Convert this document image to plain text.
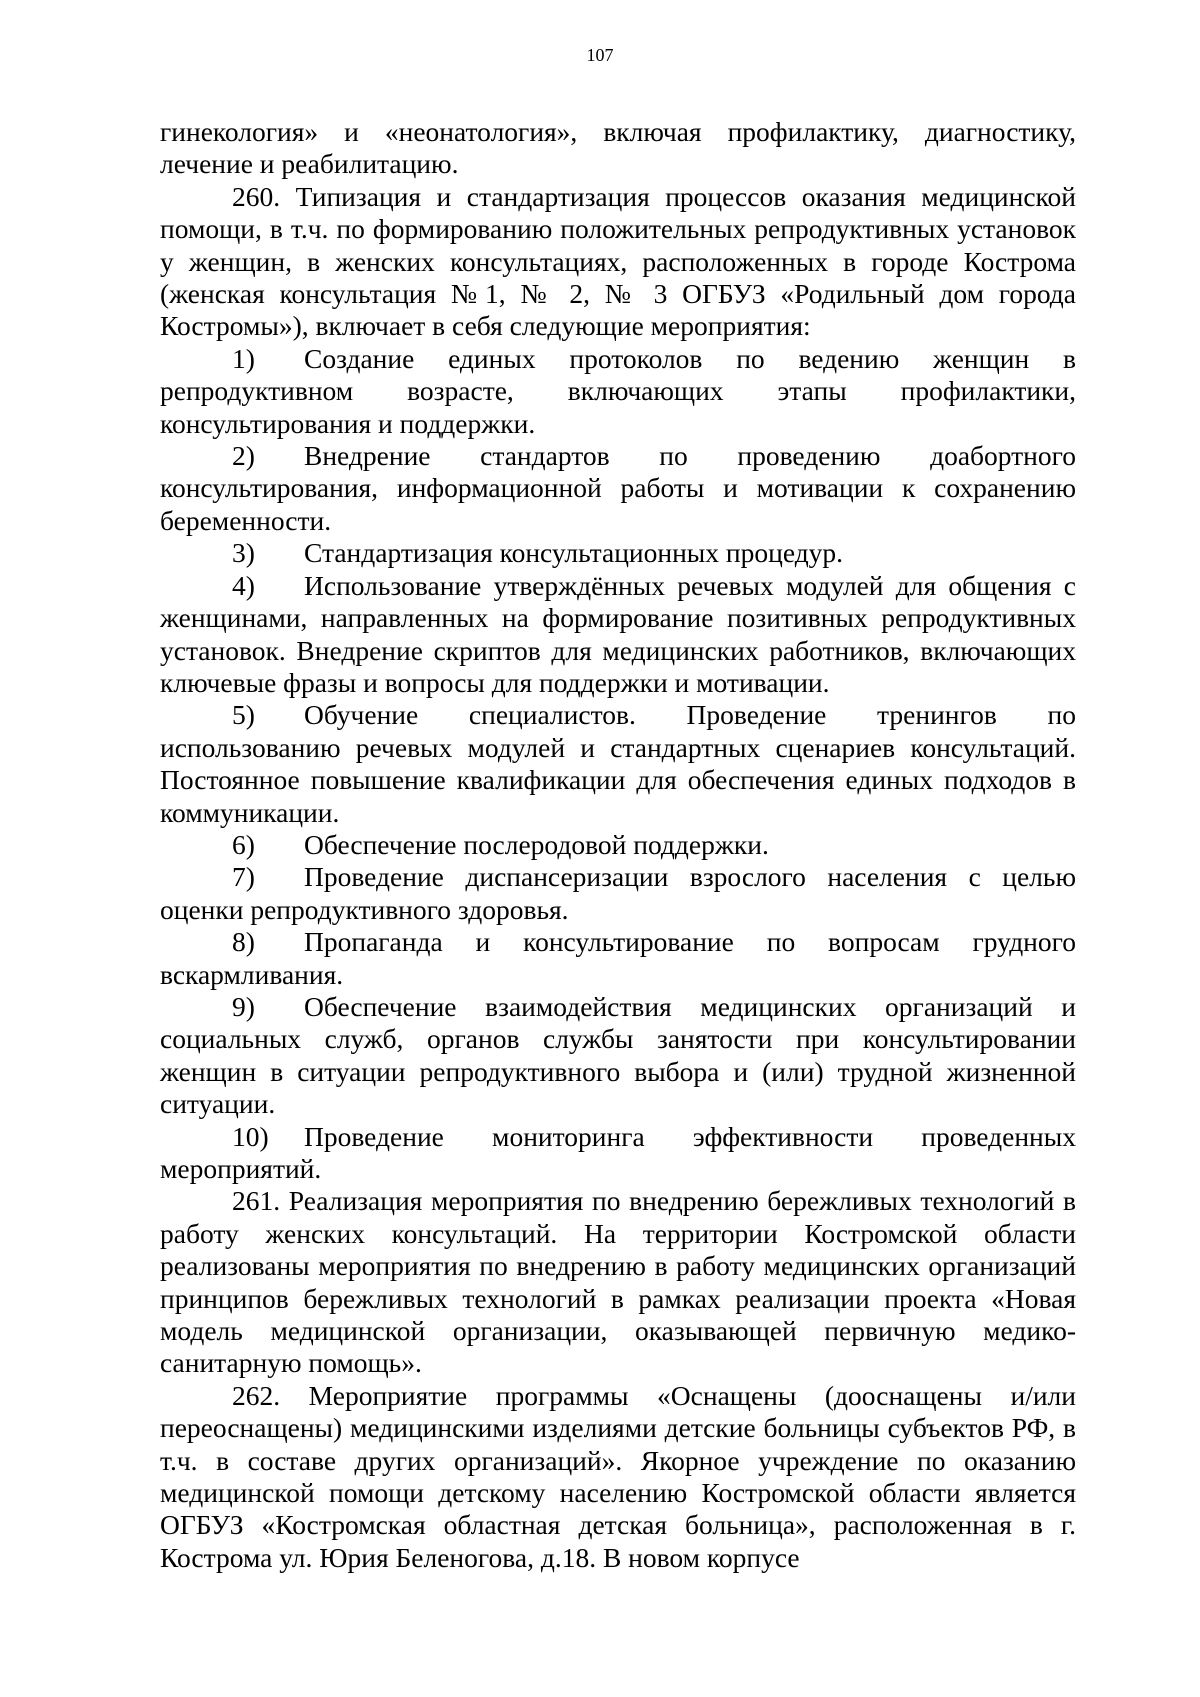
107

гинекология» и «неонатология», включая профилактику, диагностику, лечение и реабилитацию.

260. Типизация и стандартизация процессов оказания медицинской помощи, в т.ч. по формированию положительных репродуктивных установок у женщин, в женских консультациях, расположенных в городе Кострома (женская консультация №1, № 2, № 3 ОГБУЗ «Родильный дом города Костромы»), включает в себя следующие мероприятия:

1)	Создание единых протоколов по ведению женщин в
репродуктивном возрасте, включающих этапы профилактики, консультирования и поддержки.
2)	Внедрение стандартов по проведению доабортного
консультирования, информационной работы и мотивации к сохранению беременности.
3)	Стандартизация консультационных процедур.
4)	Использование утверждённых речевых модулей для общения с
женщинами, направленных на формирование позитивных репродуктивных установок. Внедрение скриптов для медицинских работников, включающих ключевые фразы и вопросы для поддержки и мотивации.
5)	Обучение специалистов. Проведение тренингов по
использованию речевых модулей и стандартных сценариев консультаций. Постоянное повышение квалификации для обеспечения единых подходов в коммуникации.
6)	Обеспечение послеродовой поддержки.
7)	Проведение диспансеризации взрослого населения с целью
оценки репродуктивного здоровья.
8)	Пропаганда и консультирование по вопросам грудного
вскармливания.
9)	Обеспечение взаимодействия медицинских организаций и
социальных служб, органов службы занятости при консультировании женщин в ситуации репродуктивного выбора и (или) трудной жизненной ситуации.
10)	Проведение мониторинга эффективности проведенных
мероприятий.

261. Реализация мероприятия по внедрению бережливых технологий в работу женских консультаций. На территории Костромской области реализованы мероприятия по внедрению в работу медицинских организаций принципов бережливых технологий в рамках реализации проекта «Новая модель медицинской организации, оказывающей первичную медико-санитарную помощь».

262. Мероприятие программы «Оснащены (дооснащены и/или переоснащены) медицинскими изделиями детские больницы субъектов РФ, в т.ч. в составе других организаций». Якорное учреждение по оказанию медицинской помощи детскому населению Костромской области является ОГБУЗ «Костромская областная детская больница», расположенная в г. Кострома ул. Юрия Беленогова, д.18. В новом корпусе
